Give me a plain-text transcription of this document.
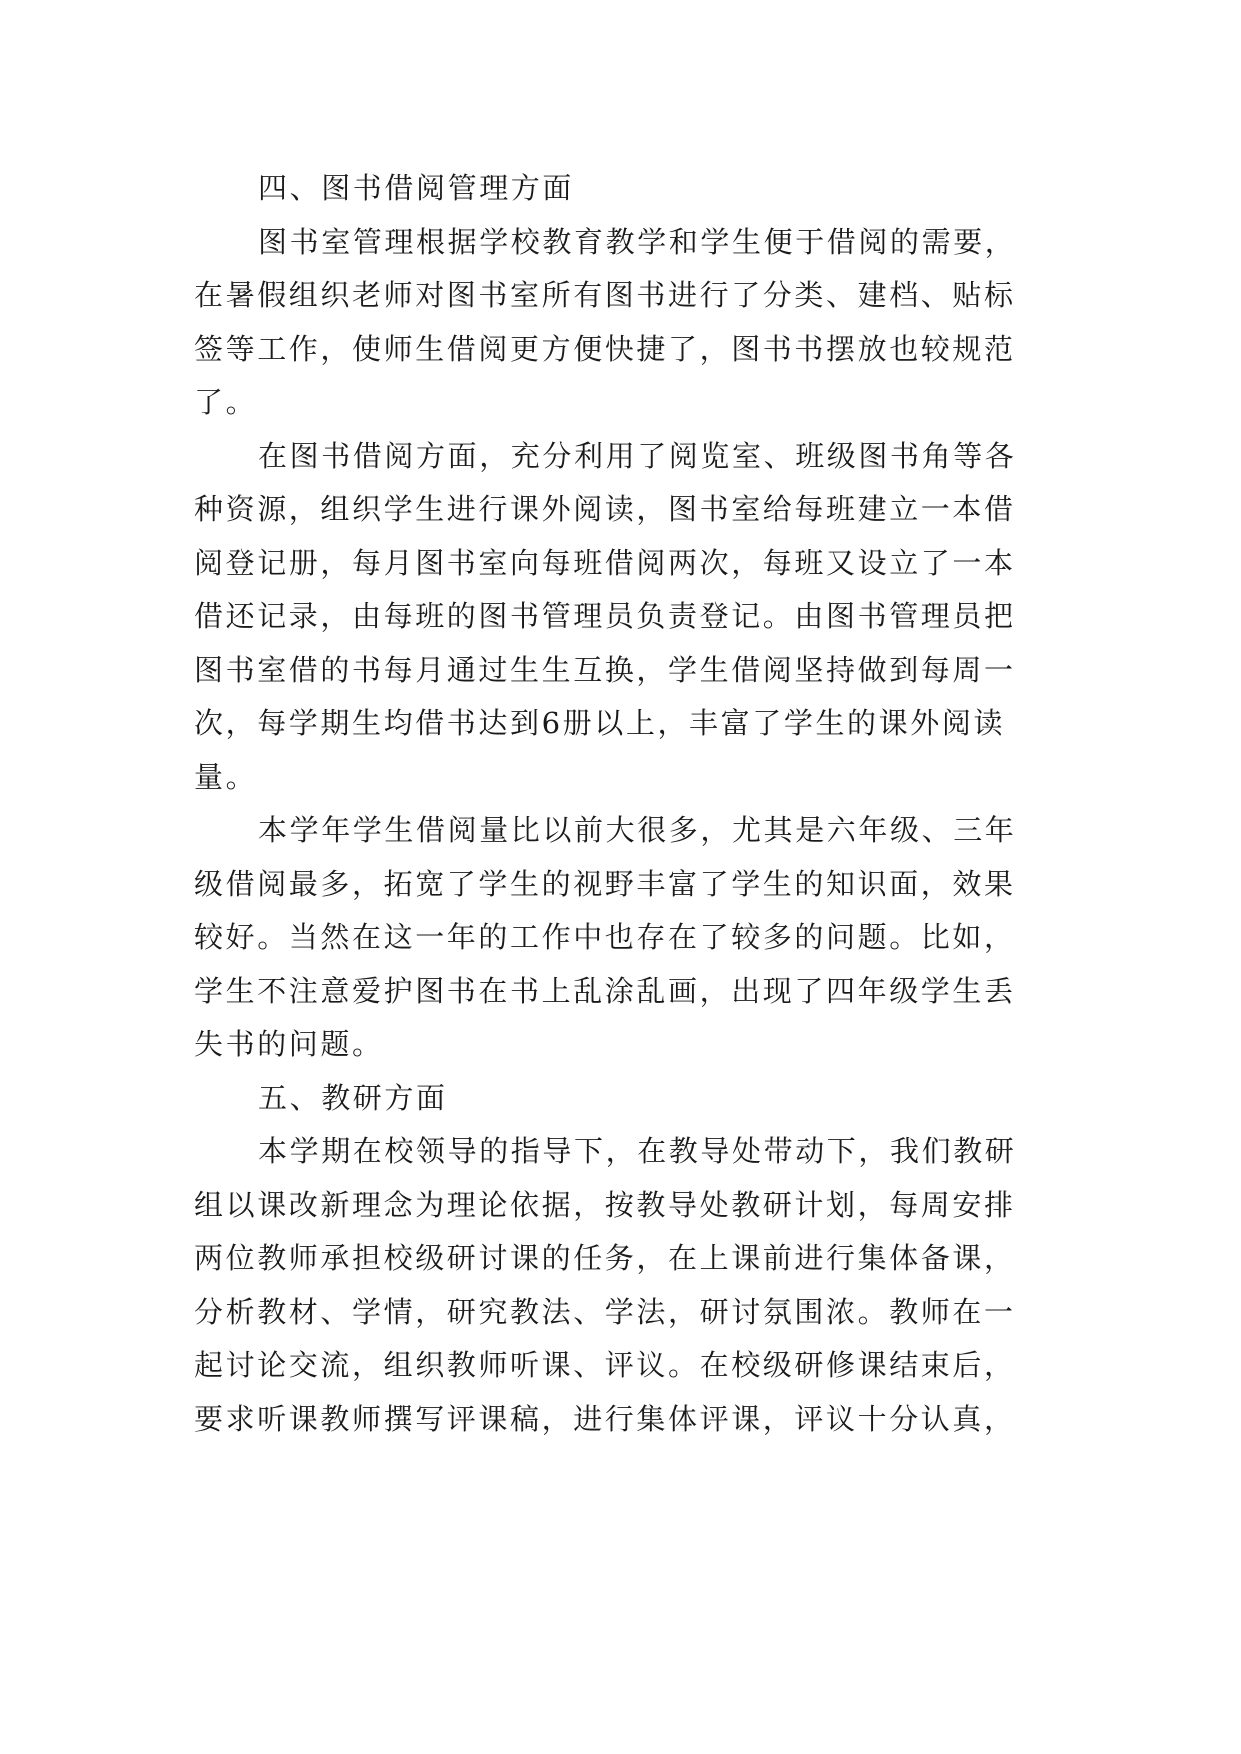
四、图书借阅管理方面
图书室管理根据学校教育教学和学生便于借阅的需要，
在暑假组织老师对图书室所有图书进行了分类、建档、贴标
签等工作，使师生借阅更方便快捷了，图书书摆放也较规范
了。
在图书借阅方面，充分利用了阅览室、班级图书角等各
种资源，组织学生进行课外阅读，图书室给每班建立一本借
阅登记册，每月图书室向每班借阅两次，每班又设立了一本
借还记录，由每班的图书管理员负责登记。由图书管理员把
图书室借的书每月通过生生互换，学生借阅坚持做到每周一
次，每学期生均借书达到6册以上，丰富了学生的课外阅读
量。
本学年学生借阅量比以前大很多，尤其是六年级、三年
级借阅最多，拓宽了学生的视野丰富了学生的知识面，效果
较好。当然在这一年的工作中也存在了较多的问题。比如，
学生不注意爱护图书在书上乱涂乱画，出现了四年级学生丢
失书的问题。
五、教研方面
本学期在校领导的指导下，在教导处带动下，我们教研
组以课改新理念为理论依据，按教导处教研计划，每周安排
两位教师承担校级研讨课的任务，在上课前进行集体备课，
分析教材、学情，研究教法、学法，研讨氛围浓。教师在一
起讨论交流，组织教师听课、评议。在校级研修课结束后，
要求听课教师撰写评课稿，进行集体评课，评议十分认真，
